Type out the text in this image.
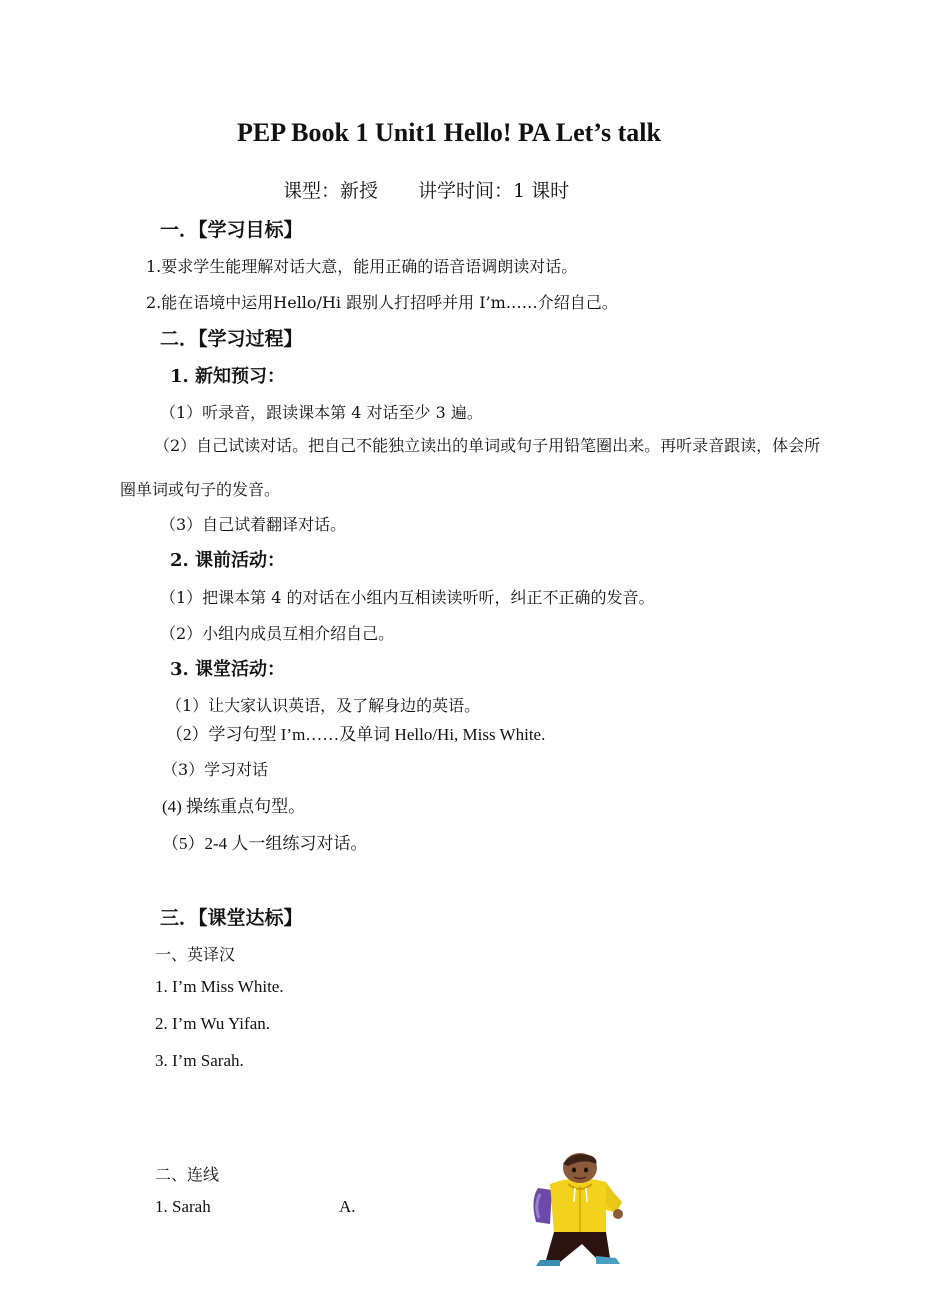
PEP Book 1 Unit1 Hello! PA Let’s talk
课型：新授 讲学时间：1 课时
一．【学习目标】
1.要求学生能理解对话大意，能用正确的语音语调朗读对话。
2.能在语境中运用Hello/Hi 跟别人打招呼并用 I’m……介绍自己。
二．【学习过程】
1. 新知预习：
（1）听录音，跟读课本第 4 对话至少 3 遍。
（2）自己试读对话。把自己不能独立读出的单词或句子用铅笔圈出来。再听录音跟读，体会所圈单词或句子的发音。
（3）自己试着翻译对话。
2. 课前活动：
（1）把课本第 4 的对话在小组内互相读读听听，纠正不正确的发音。
（2）小组内成员互相介绍自己。
3. 课堂活动：
（1）让大家认识英语，及了解身边的英语。
（2）学习句型 I’m……及单词 Hello/Hi, Miss White.
（3）学习对话
(4) 操练重点句型。
（5）2-4 人一组练习对话。
三．【课堂达标】
一、英译汉
1. I’m Miss White.
2. I’m Wu Yifan.
3. I’m Sarah.
二、连线
1. Sarah	A.
